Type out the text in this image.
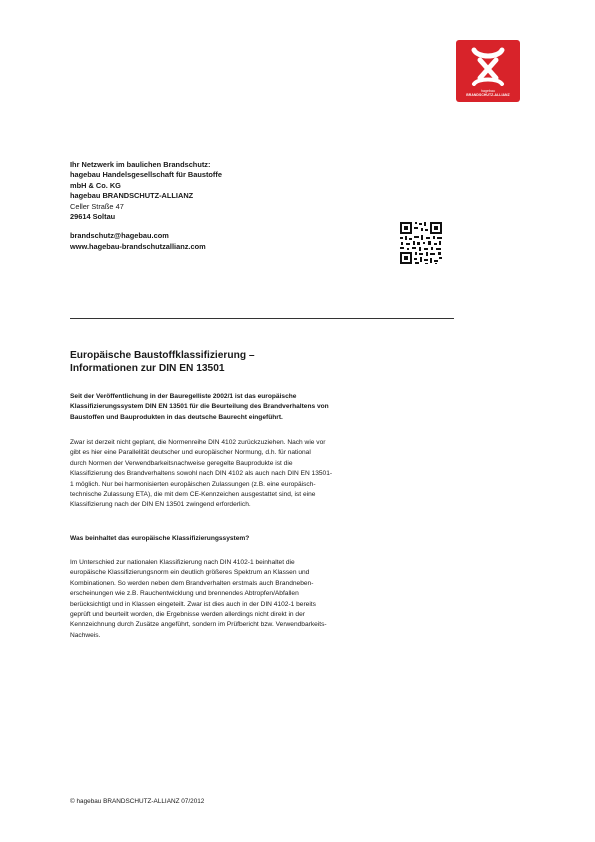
hagebau
BRANDSCHUTZ-ALLIANZ
Ihr Netzwerk im baulichen Brandschutz:
hagebau Handelsgesellschaft für Baustoffe
mbH & Co. KG
hagebau BRANDSCHUTZ-ALLIANZ
Celler Straße 47
29614 Soltau
brandschutz@hagebau.com
www.hagebau-brandschutzallianz.com
Europäische Baustoffklassifizierung –
Informationen zur DIN EN 13501
Seit der Veröffentlichung in der Bauregelliste 2002/1 ist das europäische
Klassifizierungssystem DIN EN 13501 für die Beurteilung des Brandverhaltens von
Baustoffen und Bauprodukten in das deutsche Baurecht eingeführt.
Zwar ist derzeit nicht geplant, die Normenreihe DIN 4102 zurückzuziehen. Nach wie vor
gibt es hier eine Parallelität deutscher und europäischer Normung, d.h. für national
durch Normen der Verwendbarkeitsnachweise geregelte Bauprodukte ist die
Klassifizierung des Brandverhaltens sowohl nach DIN 4102 als auch nach DIN EN 13501-
1 möglich. Nur bei harmonisierten europäischen Zulassungen (z.B. eine europäisch-
technische Zulassung ETA), die mit dem CE-Kennzeichen ausgestattet sind, ist eine
Klassifizierung nach der DIN EN 13501 zwingend erforderlich.
Was beinhaltet das europäische Klassifizierungssystem?
Im Unterschied zur nationalen Klassifizierung nach DIN 4102-1 beinhaltet die
europäische Klassifizierungsnorm ein deutlich größeres Spektrum an Klassen und
Kombinationen. So werden neben dem Brandverhalten erstmals auch Brandneben-
erscheinungen wie z.B. Rauchentwicklung und brennendes Abtropfen/Abfallen
berücksichtigt und in Klassen eingeteilt. Zwar ist dies auch in der DIN 4102-1 bereits
geprüft und beurteilt worden, die Ergebnisse werden allerdings nicht direkt in der
Kennzeichnung durch Zusätze angeführt, sondern im Prüfbericht bzw. Verwendbarkeits-
Nachweis.
© hagebau BRANDSCHUTZ-ALLIANZ 07/2012
